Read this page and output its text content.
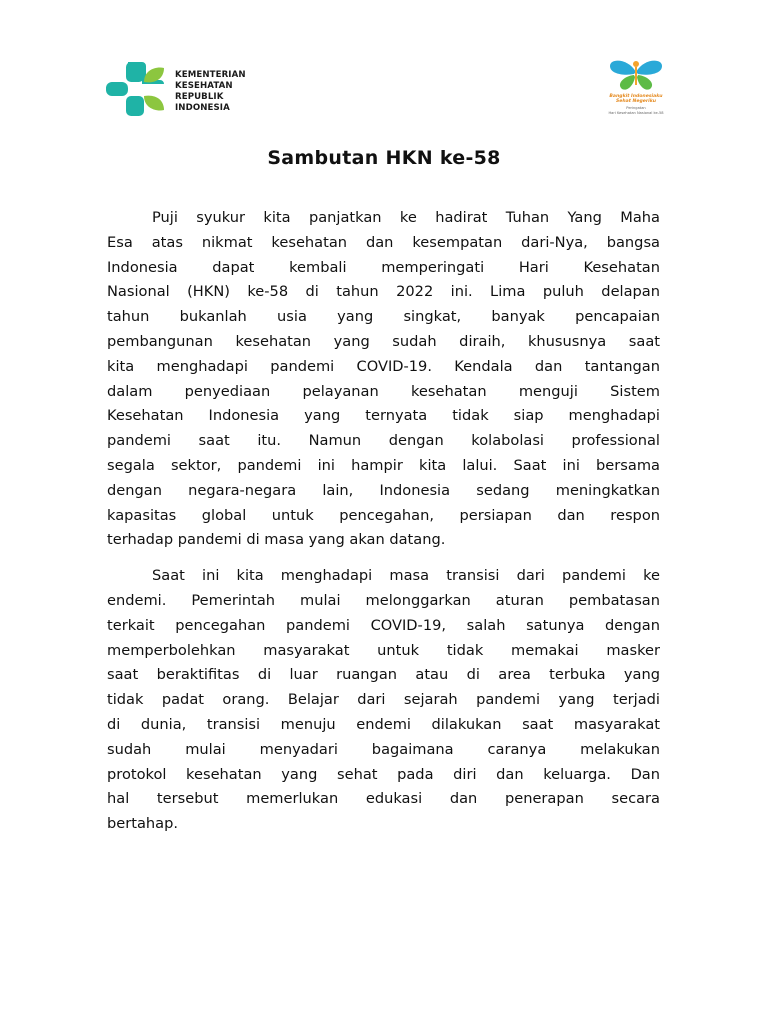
KEMENTERIAN
KESEHATAN
REPUBLIK
INDONESIA
Bangkit Indonesiaku
Sehat Negeriku
Peringatan
Hari Kesehatan Nasional ke-58
Sambutan HKN ke-58

Puji syukur kita panjatkan ke hadirat Tuhan Yang Maha
Esa atas nikmat kesehatan dan kesempatan dari-Nya, bangsa
Indonesia dapat kembali memperingati Hari Kesehatan
Nasional (HKN) ke-58 di tahun 2022 ini. Lima puluh delapan
tahun bukanlah usia yang singkat, banyak pencapaian
pembangunan kesehatan yang sudah diraih, khususnya saat
kita menghadapi pandemi COVID-19. Kendala dan tantangan
dalam penyediaan pelayanan kesehatan menguji Sistem
Kesehatan Indonesia yang ternyata tidak siap menghadapi
pandemi saat itu. Namun dengan kolabolasi professional
segala sektor, pandemi ini hampir kita lalui. Saat ini bersama
dengan negara-negara lain, Indonesia sedang meningkatkan
kapasitas global untuk pencegahan, persiapan dan respon
terhadap pandemi di masa yang akan datang.

Saat ini kita menghadapi masa transisi dari pandemi ke
endemi. Pemerintah mulai melonggarkan aturan pembatasan
terkait pencegahan pandemi COVID-19, salah satunya dengan
memperbolehkan masyarakat untuk tidak memakai masker
saat beraktifitas di luar ruangan atau di area terbuka yang
tidak padat orang. Belajar dari sejarah pandemi yang terjadi
di dunia, transisi menuju endemi dilakukan saat masyarakat
sudah mulai menyadari bagaimana caranya melakukan
protokol kesehatan yang sehat pada diri dan keluarga. Dan
hal tersebut memerlukan edukasi dan penerapan secara
bertahap.
